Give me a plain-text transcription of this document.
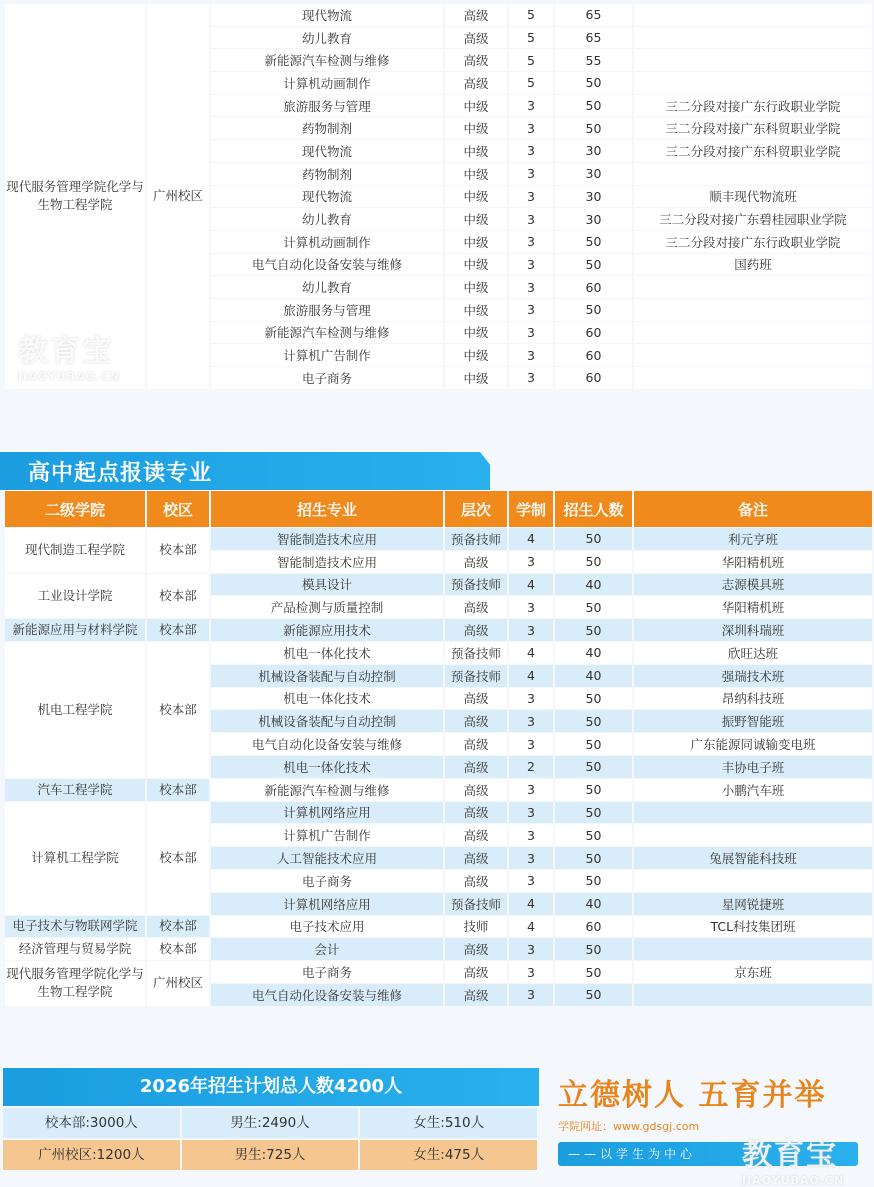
现代服务管理学院化学与生物工程学院	广州校区	现代物流	高级	5	65	
		幼儿教育	高级	5	65	
		新能源汽车检测与维修	高级	5	55	
		计算机动画制作	高级	5	50	
		旅游服务与管理	中级	3	50	三二分段对接广东行政职业学院
		药物制剂	中级	3	50	三二分段对接广东科贸职业学院
		现代物流	中级	3	30	三二分段对接广东科贸职业学院
		药物制剂	中级	3	30	
		现代物流	中级	3	30	顺丰现代物流班
		幼儿教育	中级	3	30	三二分段对接广东碧桂园职业学院
		计算机动画制作	中级	3	50	三二分段对接广东行政职业学院
		电气自动化设备安装与维修	中级	3	50	国药班
		幼儿教育	中级	3	60	
		旅游服务与管理	中级	3	50	
		新能源汽车检测与维修	中级	3	60	
		计算机广告制作	中级	3	60	
		电子商务	中级	3	60	
教育宝
JIAOYUBAO.CN
高中起点报读专业
二级学院	校区	招生专业	层次	学制	招生人数	备注
现代制造工程学院	校本部	智能制造技术应用	预备技师	4	50	利元亨班
		智能制造技术应用	高级	3	50	华阳精机班
工业设计学院	校本部	模具设计	预备技师	4	40	志源模具班
		产品检测与质量控制	高级	3	50	华阳精机班
新能源应用与材料学院	校本部	新能源应用技术	高级	3	50	深圳科瑞班
机电工程学院	校本部	机电一体化技术	预备技师	4	40	欣旺达班
		机械设备装配与自动控制	预备技师	4	40	强瑞技术班
		机电一体化技术	高级	3	50	昂纳科技班
		机械设备装配与自动控制	高级	3	50	振野智能班
		电气自动化设备安装与维修	高级	3	50	广东能源同诚输变电班
		机电一体化技术	高级	2	50	丰协电子班
汽车工程学院	校本部	新能源汽车检测与维修	高级	3	50	小鹏汽车班
计算机工程学院	校本部	计算机网络应用	高级	3	50	
		计算机广告制作	高级	3	50	
		人工智能技术应用	高级	3	50	兔展智能科技班
		电子商务	高级	3	50	
		计算机网络应用	预备技师	4	40	星网锐捷班
电子技术与物联网学院	校本部	电子技术应用	技师	4	60	TCL科技集团班
经济管理与贸易学院	校本部	会计	高级	3	50	
现代服务管理学院化学与生物工程学院	广州校区	电子商务	高级	3	50	京东班
		电气自动化设备安装与维修	高级	3	50	
2026年招生计划总人数4200人
校本部:3000人	男生:2490人	女生:510人
广州校区:1200人	男生:725人	女生:475人
立德树人 五育并举
学院网址：www.gdsgj.com
——以学生为中心	教育宝
JIAOYUBAO.CN
